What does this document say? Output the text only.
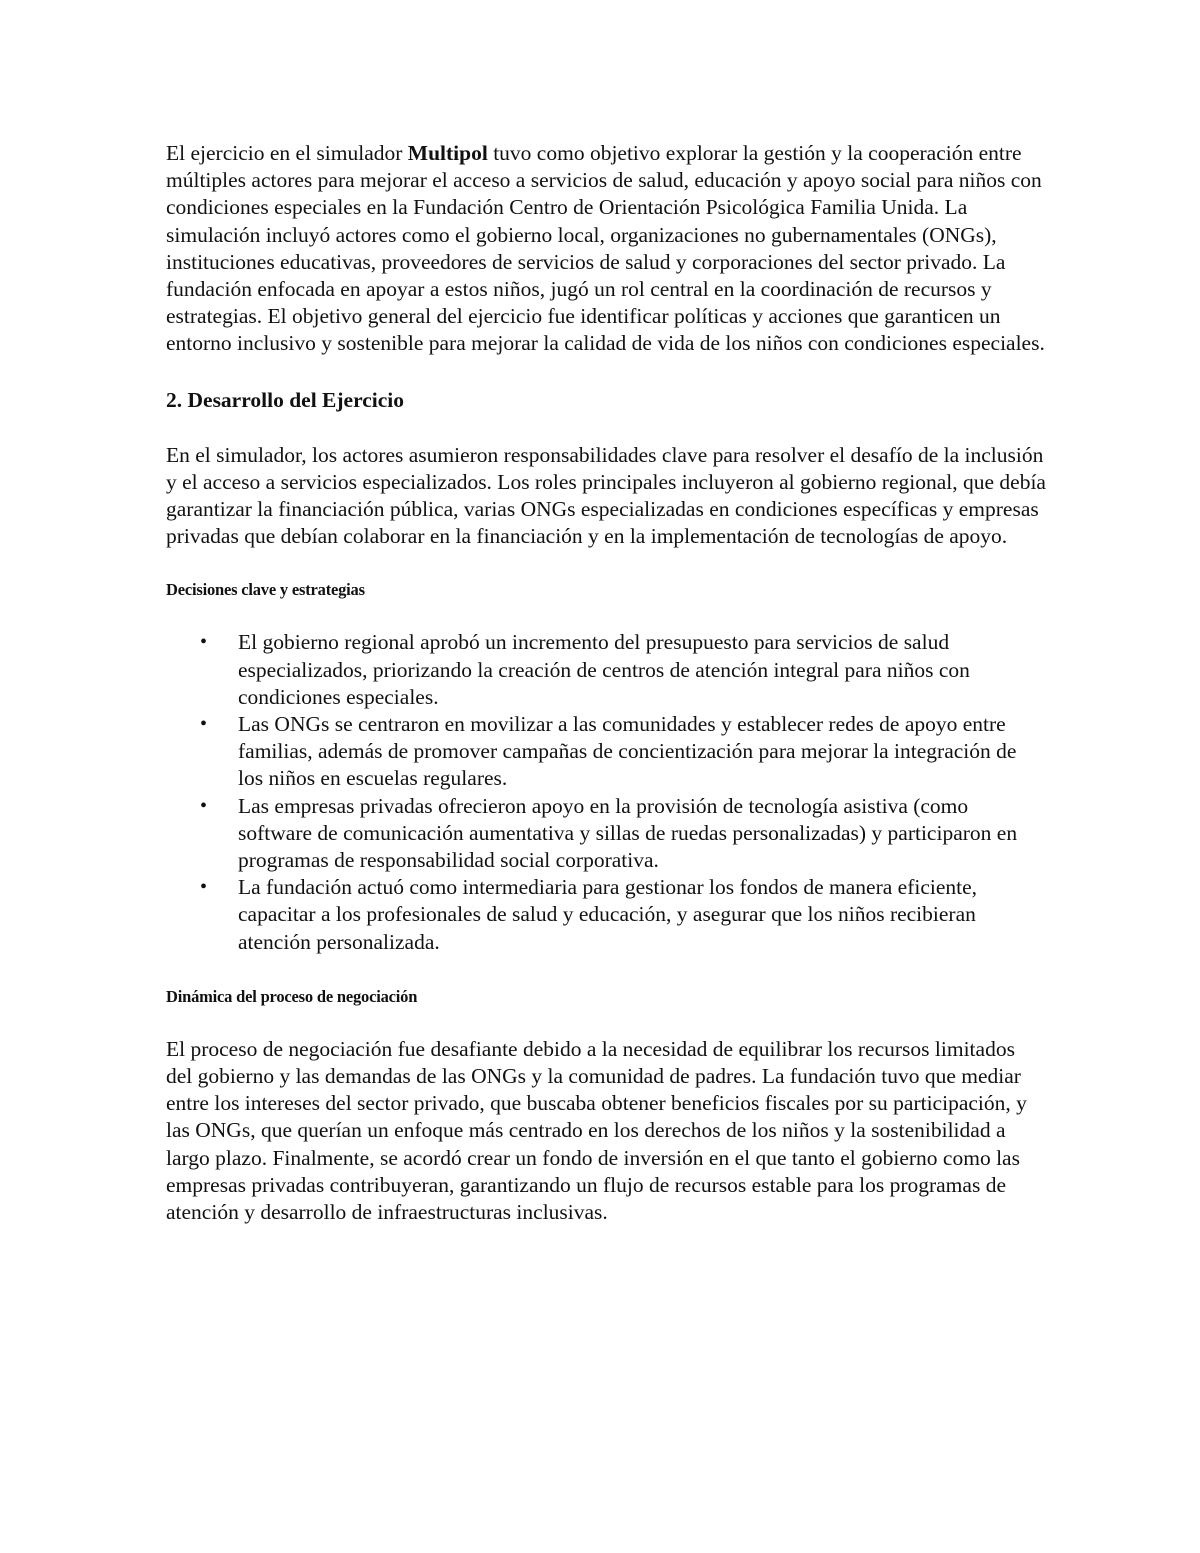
El ejercicio en el simulador Multipol tuvo como objetivo explorar la gestión y la cooperación entre múltiples actores para mejorar el acceso a servicios de salud, educación y apoyo social para niños con condiciones especiales en la Fundación Centro de Orientación Psicológica Familia Unida. La simulación incluyó actores como el gobierno local, organizaciones no gubernamentales (ONGs), instituciones educativas, proveedores de servicios de salud y corporaciones del sector privado. La fundación enfocada en apoyar a estos niños, jugó un rol central en la coordinación de recursos y estrategias. El objetivo general del ejercicio fue identificar políticas y acciones que garanticen un entorno inclusivo y sostenible para mejorar la calidad de vida de los niños con condiciones especiales.

2. Desarrollo del Ejercicio

En el simulador, los actores asumieron responsabilidades clave para resolver el desafío de la inclusión y el acceso a servicios especializados. Los roles principales incluyeron al gobierno regional, que debía garantizar la financiación pública, varias ONGs especializadas en condiciones específicas y empresas privadas que debían colaborar en la financiación y en la implementación de tecnologías de apoyo.

Decisiones clave y estrategias
• El gobierno regional aprobó un incremento del presupuesto para servicios de salud especializados, priorizando la creación de centros de atención integral para niños con condiciones especiales.
• Las ONGs se centraron en movilizar a las comunidades y establecer redes de apoyo entre familias, además de promover campañas de concientización para mejorar la integración de los niños en escuelas regulares.
• Las empresas privadas ofrecieron apoyo en la provisión de tecnología asistiva (como software de comunicación aumentativa y sillas de ruedas personalizadas) y participaron en programas de responsabilidad social corporativa.
• La fundación actuó como intermediaria para gestionar los fondos de manera eficiente, capacitar a los profesionales de salud y educación, y asegurar que los niños recibieran atención personalizada.
Dinámica del proceso de negociación

El proceso de negociación fue desafiante debido a la necesidad de equilibrar los recursos limitados del gobierno y las demandas de las ONGs y la comunidad de padres. La fundación tuvo que mediar entre los intereses del sector privado, que buscaba obtener beneficios fiscales por su participación, y las ONGs, que querían un enfoque más centrado en los derechos de los niños y la sostenibilidad a largo plazo. Finalmente, se acordó crear un fondo de inversión en el que tanto el gobierno como las empresas privadas contribuyeran, garantizando un flujo de recursos estable para los programas de atención y desarrollo de infraestructuras inclusivas.
